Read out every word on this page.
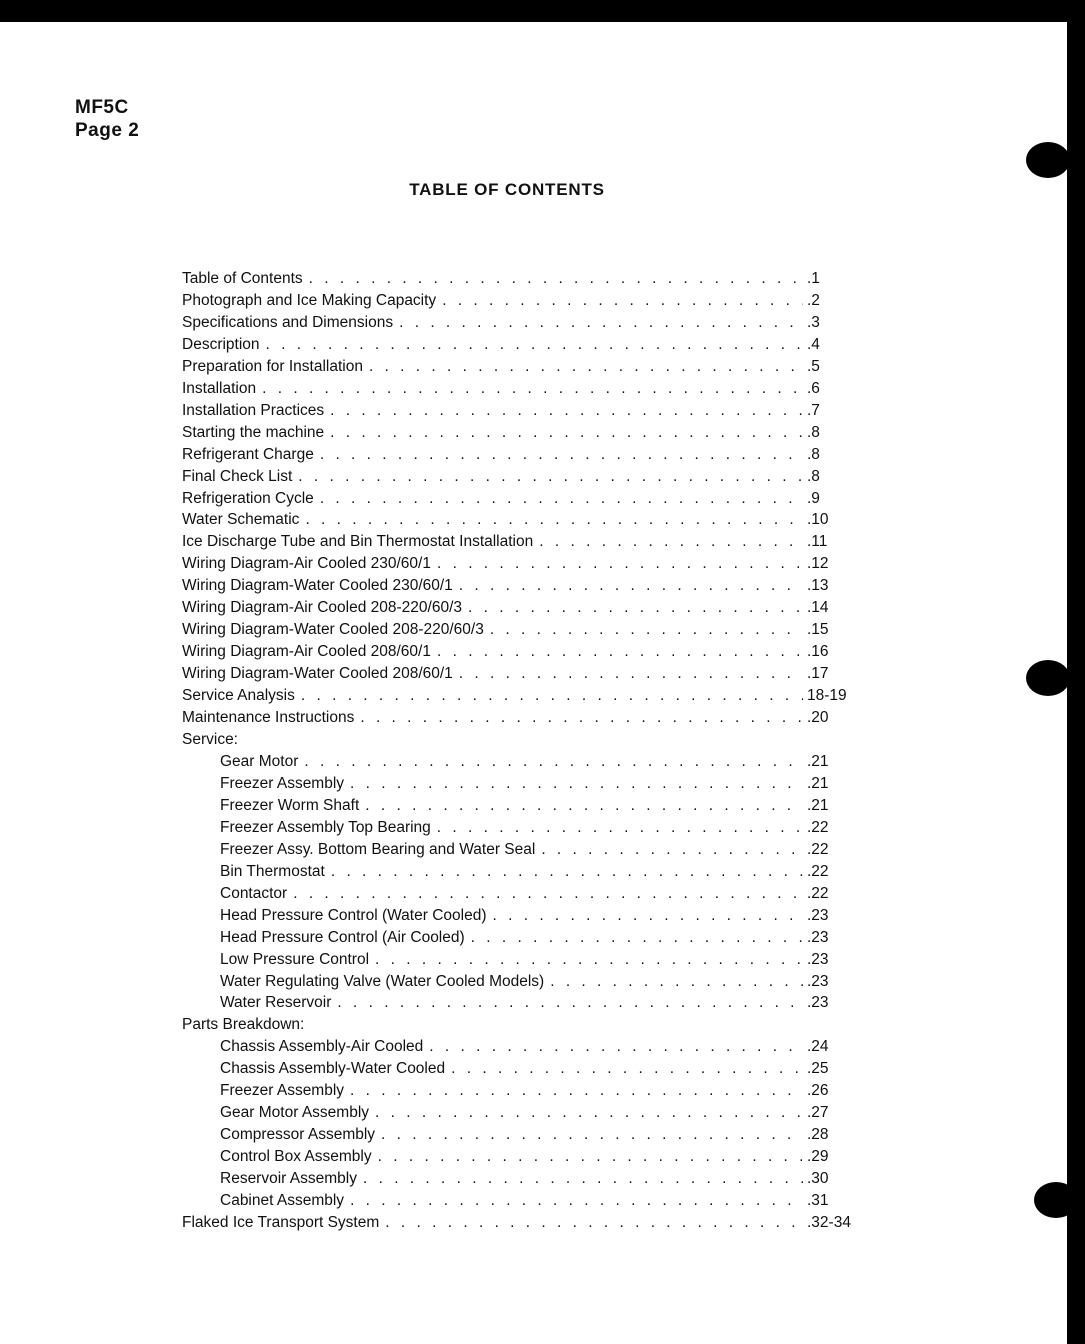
MF5C
Page 2
TABLE OF CONTENTS
Table of Contents . . .	.1
Photograph and Ice Making Capacity . . .	.2
Specifications and Dimensions . . .	.3
Description . . .	.4
Preparation for Installation . . .	.5
Installation . . .	.6
Installation Practices . . .	.7
Starting the machine . . .	.8
Refrigerant Charge . . .	.8
Final Check List . . .	.8
Refrigeration Cycle . . .	.9
Water Schematic . . .	.10
Ice Discharge Tube and Bin Thermostat Installation . . .	.11
Wiring Diagram-Air Cooled 230/60/1 . . .	.12
Wiring Diagram-Water Cooled 230/60/1 . . .	.13
Wiring Diagram-Air Cooled 208-220/60/3 . . .	.14
Wiring Diagram-Water Cooled 208-220/60/3 . . .	.15
Wiring Diagram-Air Cooled 208/60/1 . . .	.16
Wiring Diagram-Water Cooled 208/60/1 . . .	.17
Service Analysis . . .	18-19
Maintenance Instructions . . .	.20
Service:
Gear Motor . . .	.21
Freezer Assembly . . .	.21
Freezer Worm Shaft . . .	.21
Freezer Assembly Top Bearing . . .	.22
Freezer Assy. Bottom Bearing and Water Seal . . .	.22
Bin Thermostat . . .	.22
Contactor . . .	.22
Head Pressure Control (Water Cooled) . . .	.23
Head Pressure Control (Air Cooled) . . .	.23
Low Pressure Control . . .	.23
Water Regulating Valve (Water Cooled Models) . . .	.23
Water Reservoir . . .	.23
Parts Breakdown:
Chassis Assembly-Air Cooled . . .	.24
Chassis Assembly-Water Cooled . . .	.25
Freezer Assembly . . .	.26
Gear Motor Assembly . . .	.27
Compressor Assembly . . .	.28
Control Box Assembly . . .	.29
Reservoir Assembly . . .	.30
Cabinet Assembly . . .	.31
Flaked Ice Transport System . . .	.32-34
